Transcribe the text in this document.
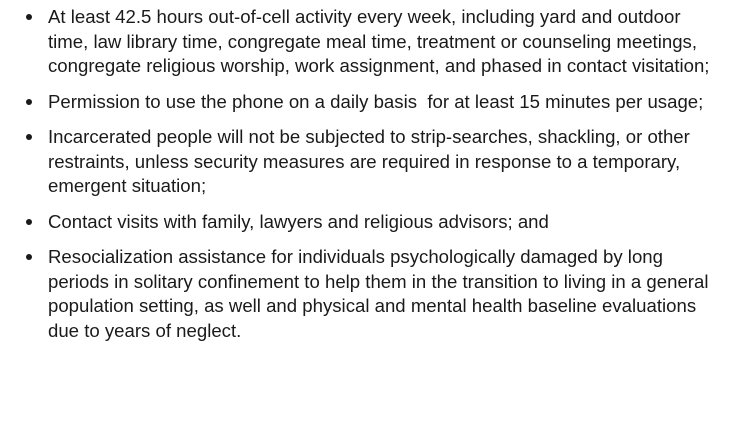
At least 42.5 hours out-of-cell activity every week, including yard and outdoor time, law library time, congregate meal time, treatment or counseling meetings, congregate religious worship, work assignment, and phased in contact visitation;
Permission to use the phone on a daily basis  for at least 15 minutes per usage;
Incarcerated people will not be subjected to strip-searches, shackling, or other restraints, unless security measures are required in response to a temporary, emergent situation;
Contact visits with family, lawyers and religious advisors; and
Resocialization assistance for individuals psychologically damaged by long periods in solitary confinement to help them in the transition to living in a general population setting, as well and physical and mental health baseline evaluations due to years of neglect.
